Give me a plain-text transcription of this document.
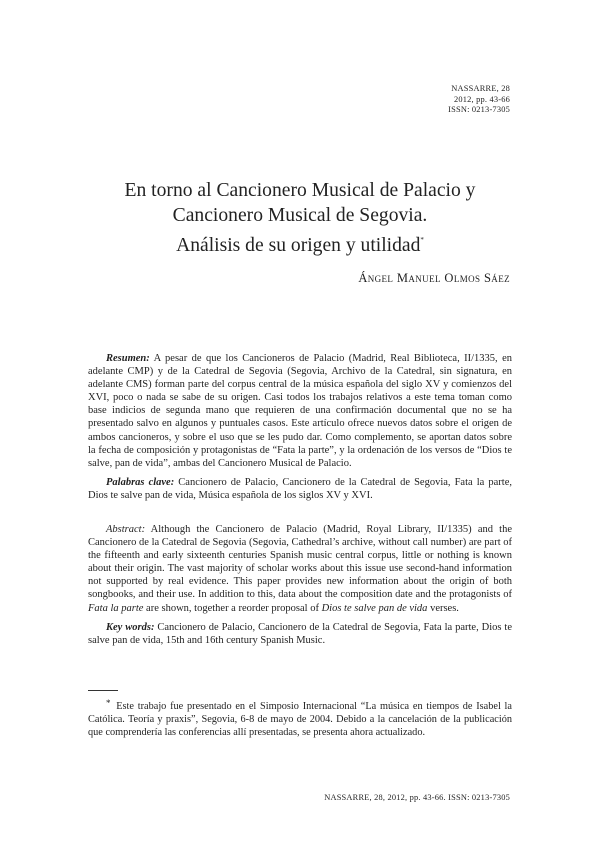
NASSARRE, 28
2012, pp. 43-66
ISSN: 0213-7305
En torno al Cancionero Musical de Palacio y
Cancionero Musical de Segovia.
Análisis de su origen y utilidad*
Ángel Manuel Olmos Sáez

Resumen: A pesar de que los Cancioneros de Palacio (Madrid, Real Biblioteca, II/1335, en adelante CMP) y de la Catedral de Segovia (Segovia, Archivo de la Catedral, sin signatura, en adelante CMS) forman parte del corpus central de la música española del siglo XV y comienzos del XVI, poco o nada se sabe de su origen. Casi todos los trabajos relativos a este tema toman como base indicios de segunda mano que requieren de una confirmación documental que no se ha presentado salvo en algunos y puntuales casos. Este artículo ofrece nuevos datos sobre el origen de ambos cancioneros, y sobre el uso que se les pudo dar. Como complemento, se aportan datos sobre la fecha de composición y protagonistas de “Fata la parte”, y la ordenación de los versos de “Dios te salve, pan de vida”, ambas del Cancionero Musical de Palacio.

Palabras clave: Cancionero de Palacio, Cancionero de la Catedral de Segovia, Fata la parte, Dios te salve pan de vida, Música española de los siglos XV y XVI.

Abstract: Although the Cancionero de Palacio (Madrid, Royal Library, II/1335) and the Cancionero de la Catedral de Segovia (Segovia, Cathedral’s archive, without call number) are part of the fifteenth and early sixteenth centuries Spanish music central corpus, little or nothing is known about their origin. The vast majority of scholar works about this issue use second-hand information not supported by real evidence. This paper provides new information about the origin of both songbooks, and their use. In addition to this, data about the composition date and the protagonists of Fata la parte are shown, together a reorder proposal of Dios te salve pan de vida verses.

Key words: Cancionero de Palacio, Cancionero de la Catedral de Segovia, Fata la parte, Dios te salve pan de vida, 15th and 16th century Spanish Music.

* Este trabajo fue presentado en el Simposio Internacional “La música en tiempos de Isabel la Católica. Teoría y praxis”, Segovia, 6-8 de mayo de 2004. Debido a la cancelación de la publicación que comprendería las conferencias allí presentadas, se presenta ahora actualizado.

NASSARRE, 28, 2012, pp. 43-66. ISSN: 0213-7305
